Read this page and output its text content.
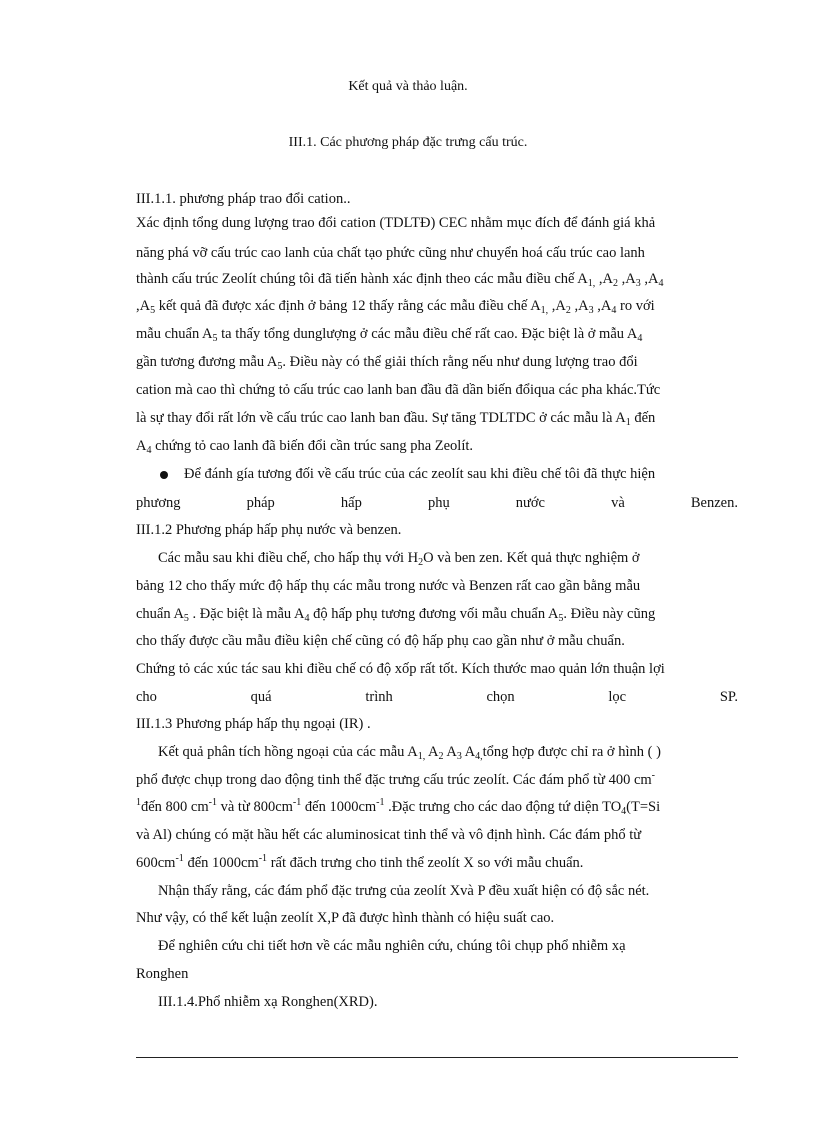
Kết quả và thảo luận.
III.1. Các phương pháp đặc trưng cấu trúc.
III.1.1. phương pháp trao đổi cation..
Xác định tổng dung lượng trao đổi cation (TDLTĐ) CEC nhằm mục đích để đánh giá khả
năng phá vỡ cấu trúc cao lanh của chất tạo phức cũng như chuyển hoá cấu trúc cao lanh
thành cấu trúc Zeolít chúng tôi đã tiến hành xác định theo các mẫu điều chế $A_{1,}$ $,A_2$ $,A_3$ $,A_4$
$,A_5$ kết quả đã được xác định ở bảng 12 thấy rằng các mẫu điều chế $A_{1,}$ $,A_2$ $,A_3$ $,A_4$ ro với
mẫu chuẩn $A_5$ ta thấy tổng dunglượng ở các mẫu điều chế rất cao. Đặc biệt là ở mẫu $A_4$
gần tương đương mẫu $A_5$. Điều này có thể giải thích rằng nếu như dung lượng trao đổi
cation mà cao thì chứng tỏ cấu trúc cao lanh ban đầu đã dần biến đổiqua các pha khác.Tức
là sự thay đổi rất lớn về cấu trúc cao lanh ban đầu. Sự tăng TDLTDC ở các mẫu là $A_1$ đến
$A_4$ chứng tỏ cao lanh đã biến đổi cần trúc sang pha Zeolít.
Để đánh gía tương đối về cấu trúc của các zeolít sau khi điều chế tôi đã thực hiện
phương	pháp	hấp	phụ	nước	và	Benzen.
III.1.2 Phương pháp hấp phụ nước và benzen.
Các mẫu sau khi điều chế, cho hấp thụ với $H_2O$ và ben zen. Kết quả thực nghiệm ở
bảng 12 cho thấy mức độ hấp thụ các mẫu trong nước và Benzen rất cao gần bằng mẫu
chuẩn $A_5$ . Đặc biệt là mẫu $A_4$ độ hấp phụ tương đương vối mẫu chuẩn $A_5$. Điều này cũng
cho thấy được cầu mẫu điều kiện chế cũng có độ hấp phụ cao gần như ở mẫu chuẩn.
Chứng tỏ các xúc tác sau khi điều chế có độ xốp rất tốt. Kích thước mao quản lớn thuận lợi
cho	quá	trình	chọn	lọc	SP.
III.1.3 Phương pháp hấp thụ ngoại (IR) .
Kết quả phân tích hồng ngoại của các mẫu $A_{1,}$ $A_2$ $A_3$ $A_{4,}tổng$ hợp được chỉ ra ở hình ( )
phổ được chụp trong dao động tinh thể đặc trưng cấu trúc zeolít. Các đám phổ từ 400 cm-
$^1$đến 800 $cm^{-1}$ và từ $800cm^{-1}$ đến $1000cm^{-1}$ .Đặc trưng cho các dao động tứ diện $TO_4(T=Si$
và Al) chúng có mặt hầu hết các aluminosicat tinh thể và vô định hình. Các đám phổ từ
$600cm^{-1}$ đến $1000cm^{-1}$ rất đăch trưng cho tinh thể zeolít X so với mẫu chuẩn.
Nhận thấy rằng, các đám phổ đặc trưng của zeolít Xvà P đều xuất hiện có độ sắc nét.
Như vậy, có thể kết luận zeolít X,P đã được hình thành có hiệu suất cao.
Để nghiên cứu chi tiết hơn về các mẫu nghiên cứu, chúng tôi chụp phổ nhiễm xạ
Ronghen
III.1.4.Phổ nhiễm xạ Ronghen(XRD).
